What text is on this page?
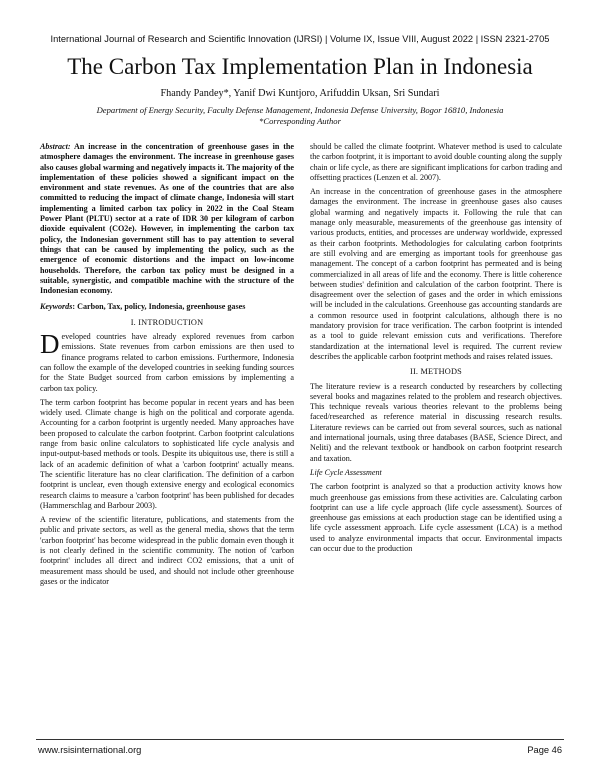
International Journal of Research and Scientific Innovation (IJRSI) | Volume IX, Issue VIII, August 2022 | ISSN 2321-2705
The Carbon Tax Implementation Plan in Indonesia
Fhandy Pandey*, Yanif Dwi Kuntjoro, Arifuddin Uksan, Sri Sundari
Department of Energy Security, Faculty Defense Management, Indonesia Defense University, Bogor 16810, Indonesia
*Corresponding Author

Abstract: An increase in the concentration of greenhouse gases in the atmosphere damages the environment. The increase in greenhouse gases also causes global warming and negatively impacts it. The majority of the implementation of these policies showed a significant impact on the environment and state revenues. As one of the countries that are also committed to reducing the impact of climate change, Indonesia will start implementing a limited carbon tax policy in 2022 in the Coal Steam Power Plant (PLTU) sector at a rate of IDR 30 per kilogram of carbon dioxide equivalent (CO2e). However, in implementing the carbon tax policy, the Indonesian government still has to pay attention to several things that can be caused by implementing the policy, such as the emergence of economic distortions and the impact on low-income households. Therefore, the carbon tax policy must be designed in a suitable, synergistic, and compatible machine with the structure of the Indonesian economy.

Keywords: Carbon, Tax, policy, Indonesia, greenhouse gases

I. INTRODUCTION

Developed countries have already explored revenues from carbon emissions. State revenues from carbon emissions are then used to finance programs related to carbon emissions. Furthermore, Indonesia can follow the example of the developed countries in seeking funding sources for the State Budget sourced from carbon emissions by implementing a carbon tax policy.

The term carbon footprint has become popular in recent years and has been widely used. Climate change is high on the political and corporate agenda. Accounting for a carbon footprint is urgently needed. Many approaches have been proposed to calculate the carbon footprint. Carbon footprint calculations range from basic online calculators to sophisticated life cycle analysis and input-output-based methods or tools. Despite its ubiquitous use, there is still a lack of an academic definition of what a 'carbon footprint' actually means. The scientific literature has no clear clarification. The definition of a carbon footprint is unclear, even though extensive energy and ecological economics research claims to measure a 'carbon footprint' has been published for decades (Hammerschlag and Barbour 2003).

A review of the scientific literature, publications, and statements from the public and private sectors, as well as the general media, shows that the term 'carbon footprint' has become widespread in the public domain even though it is not clearly defined in the scientific community. The notion of 'carbon footprint' includes all direct and indirect CO2 emissions, that a unit of measurement mass should be used, and should not include other greenhouse gases or the indicator

should be called the climate footprint. Whatever method is used to calculate the carbon footprint, it is important to avoid double counting along the supply chain or life cycle, as there are significant implications for carbon trading and offsetting practices (Lenzen et al. 2007).

An increase in the concentration of greenhouse gases in the atmosphere damages the environment. The increase in greenhouse gases also causes global warming and negatively impacts it. Following the rule that can manage only measurable, measurements of the greenhouse gas intensity of various products, entities, and processes are underway worldwide, expressed as their carbon footprints. Methodologies for calculating carbon footprints are still evolving and are emerging as important tools for greenhouse gas management. The concept of a carbon footprint has permeated and is being commercialized in all areas of life and the economy. There is little coherence between studies' definition and calculation of the carbon footprint. There is disagreement over the selection of gases and the order in which emissions will be included in the calculations. Greenhouse gas accounting standards are a common resource used in footprint calculations, although there is no mandatory provision for trace verification. The carbon footprint is intended as a tool to guide relevant emission cuts and verifications. Therefore standardization at the international level is required. The current review describes the applicable carbon footprint methods and raises related issues.

II. METHODS

The literature review is a research conducted by researchers by collecting several books and magazines related to the problem and research objectives. This technique reveals various theories relevant to the problems being faced/researched as reference material in discussing research results. Literature reviews can be carried out from several sources, such as national and international journals, using three databases (BASE, Science Direct, and Neliti) and the relevant textbook or handbook on carbon footprint research and taxation.

Life Cycle Assessment

The carbon footprint is analyzed so that a production activity knows how much greenhouse gas emissions from these activities are. Calculating carbon footprint can use a life cycle approach (life cycle assessment). Sources of greenhouse gas emissions at each production stage can be identified using a life cycle assessment approach. Life cycle assessment (LCA) is a method used to analyze environmental impacts that occur. Environmental impacts can occur due to the production

www.rsisinternational.org	Page 46
